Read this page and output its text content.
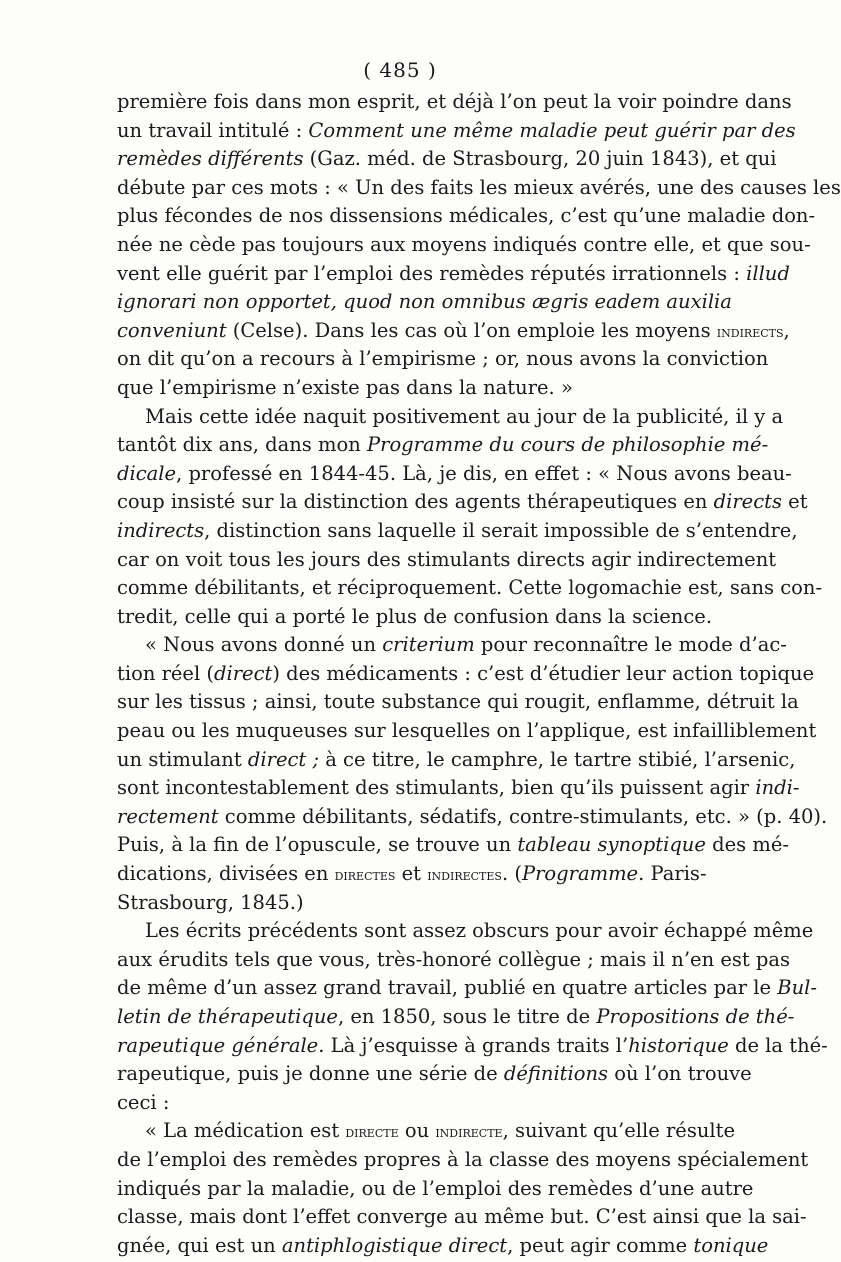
( 485 )
première fois dans mon esprit, et déjà l’on peut la voir poindre dans
un travail intitulé : Comment une même maladie peut guérir par des
remèdes différents (Gaz. méd. de Strasbourg, 20 juin 1843), et qui
débute par ces mots : « Un des faits les mieux avérés, une des causes les
plus fécondes de nos dissensions médicales, c’est qu’une maladie don-
née ne cède pas toujours aux moyens indiqués contre elle, et que sou-
vent elle guérit par l’emploi des remèdes réputés irrationnels : illud
ignorari non opportet, quod non omnibus ægris eadem auxilia
conveniunt (Celse). Dans les cas où l’on emploie les moyens indirects,
on dit qu’on a recours à l’empirisme ; or, nous avons la conviction
que l’empirisme n’existe pas dans la nature. »
Mais cette idée naquit positivement au jour de la publicité, il y a
tantôt dix ans, dans mon Programme du cours de philosophie mé-
dicale, professé en 1844-45. Là, je dis, en effet : « Nous avons beau-
coup insisté sur la distinction des agents thérapeutiques en directs et
indirects, distinction sans laquelle il serait impossible de s’entendre,
car on voit tous les jours des stimulants directs agir indirectement
comme débilitants, et réciproquement. Cette logomachie est, sans con-
tredit, celle qui a porté le plus de confusion dans la science.
« Nous avons donné un criterium pour reconnaître le mode d’ac-
tion réel (direct) des médicaments : c’est d’étudier leur action topique
sur les tissus ; ainsi, toute substance qui rougit, enflamme, détruit la
peau ou les muqueuses sur lesquelles on l’applique, est infailliblement
un stimulant direct ; à ce titre, le camphre, le tartre stibié, l’arsenic,
sont incontestablement des stimulants, bien qu’ils puissent agir indi-
rectement comme débilitants, sédatifs, contre-stimulants, etc. » (p. 40).
Puis, à la fin de l’opuscule, se trouve un tableau synoptique des mé-
dications, divisées en directes et indirectes. (Programme. Paris-
Strasbourg, 1845.)
Les écrits précédents sont assez obscurs pour avoir échappé même
aux érudits tels que vous, très-honoré collègue ; mais il n’en est pas
de même d’un assez grand travail, publié en quatre articles par le Bul-
letin de thérapeutique, en 1850, sous le titre de Propositions de thé-
rapeutique générale. Là j’esquisse à grands traits l’historique de la thé-
rapeutique, puis je donne une série de définitions où l’on trouve
ceci :
« La médication est directe ou indirecte, suivant qu’elle résulte
de l’emploi des remèdes propres à la classe des moyens spécialement
indiqués par la maladie, ou de l’emploi des remèdes d’une autre
classe, mais dont l’effet converge au même but. C’est ainsi que la sai-
gnée, qui est un antiphlogistique direct, peut agir comme tonique
